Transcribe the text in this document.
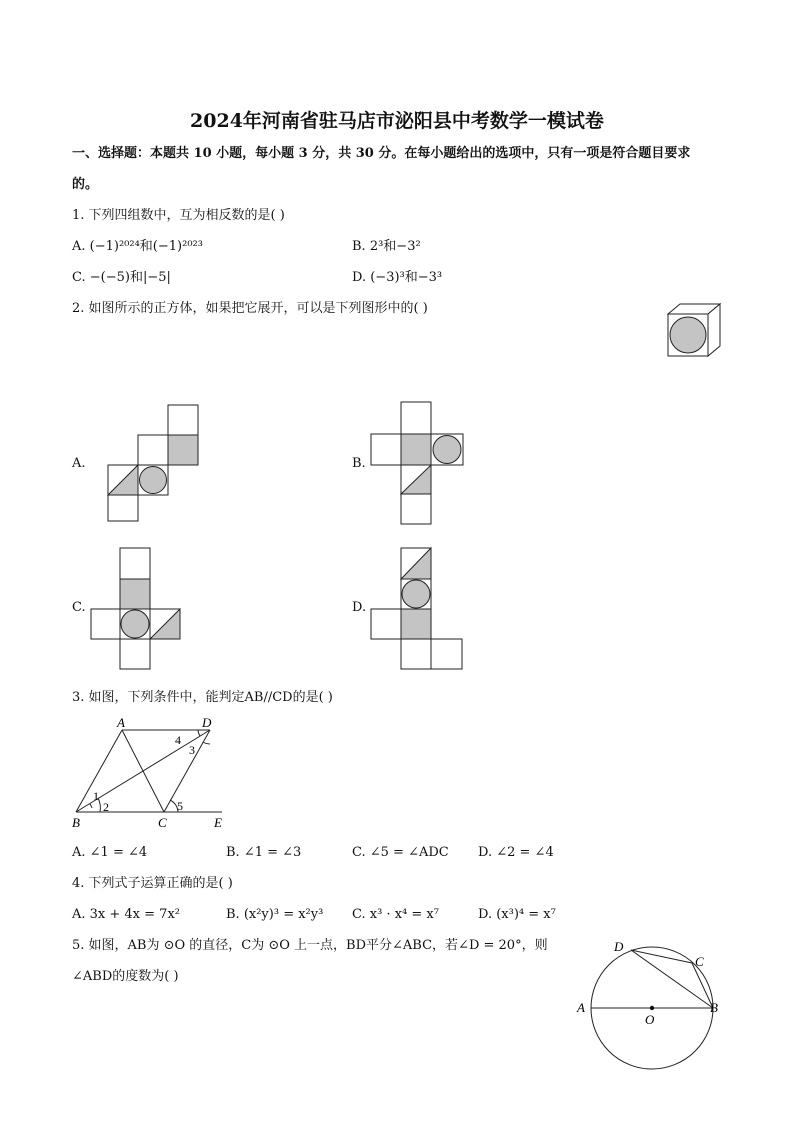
2024年河南省驻马店市泌阳县中考数学一模试卷
一、选择题：本题共 10 小题，每小题 3 分，共 30 分。在每小题给出的选项中，只有一项是符合题目要求
的。
1. 下列四组数中，互为相反数的是( )
A. (−1)²⁰²⁴和(−1)²⁰²³	B. 2³和−3²
C. −(−5)和|−5|	D. (−3)³和−3³
2. 如图所示的正方体，如果把它展开，可以是下列图形中的( )
A.	B.
C.	D.
3. 如图，下列条件中，能判定AB//CD的是( )
A	D
B	C	E
1
2
3
4
5
A. ∠1 = ∠4	B. ∠1 = ∠3	C. ∠5 = ∠ADC D. ∠2 = ∠4
4. 下列式子运算正确的是( )
A. 3x + 4x = 7x²	B. (x²y)³ = x²y³ C. x³ · x⁴ = x⁷	D. (x³)⁴ = x⁷
5. 如图，AB为 ⊙O 的直径，C为 ⊙O 上一点，BD平分∠ABC，若∠D = 20°，则
∠ABD的度数为( )
A	B
C
D
O
